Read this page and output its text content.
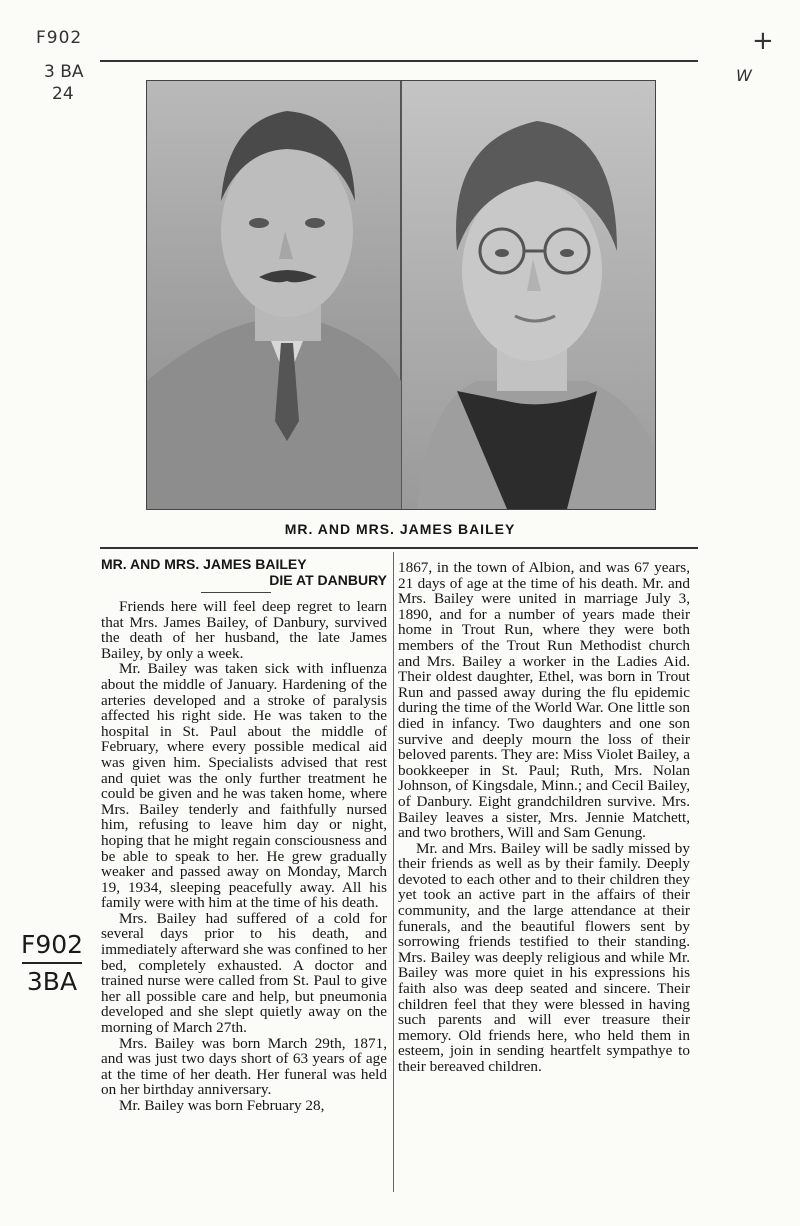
F902
3 BA
24
+
W
F902
3BA
MR. AND MRS. JAMES BAILEY
MR. AND MRS. JAMES BAILEY
DIE AT DANBURY

Friends here will feel deep regret to learn that Mrs. James Bailey, of Danbury, survived the death of her husband, the late James Bailey, by only a week.

Mr. Bailey was taken sick with influenza about the middle of January. Hardening of the arteries developed and a stroke of paralysis affected his right side. He was taken to the hospital in St. Paul about the middle of February, where every possible medical aid was given him. Specialists advised that rest and quiet was the only further treatment he could be given and he was taken home, where Mrs. Bailey tenderly and faithfully nursed him, refusing to leave him day or night, hoping that he might regain consciousness and be able to speak to her. He grew gradually weaker and passed away on Monday, March 19, 1934, sleeping peacefully away. All his family were with him at the time of his death.

Mrs. Bailey had suffered of a cold for several days prior to his death, and immediately afterward she was confined to her bed, completely exhausted. A doctor and trained nurse were called from St. Paul to give her all possible care and help, but pneumonia developed and she slept quietly away on the morning of March 27th.

Mrs. Bailey was born March 29th, 1871, and was just two days short of 63 years of age at the time of her death. Her funeral was held on her birthday anniversary.

Mr. Bailey was born February 28,

1867, in the town of Albion, and was 67 years, 21 days of age at the time of his death. Mr. and Mrs. Bailey were united in marriage July 3, 1890, and for a number of years made their home in Trout Run, where they were both members of the Trout Run Methodist church and Mrs. Bailey a worker in the Ladies Aid. Their oldest daughter, Ethel, was born in Trout Run and passed away during the flu epidemic during the time of the World War. One little son died in infancy. Two daughters and one son survive and deeply mourn the loss of their beloved parents. They are: Miss Violet Bailey, a bookkeeper in St. Paul; Ruth, Mrs. Nolan Johnson, of Kingsdale, Minn.; and Cecil Bailey, of Danbury. Eight grandchildren survive. Mrs. Bailey leaves a sister, Mrs. Jennie Matchett, and two brothers, Will and Sam Genung.

Mr. and Mrs. Bailey will be sadly missed by their friends as well as by their family. Deeply devoted to each other and to their children they yet took an active part in the affairs of their community, and the large attendance at their funerals, and the beautiful flowers sent by sorrowing friends testified to their standing. Mrs. Bailey was deeply religious and while Mr. Bailey was more quiet in his expressions his faith also was deep seated and sincere. Their children feel that they were blessed in having such parents and will ever treasure their memory. Old friends here, who held them in esteem, join in sending heartfelt sympathye to their bereaved children.
